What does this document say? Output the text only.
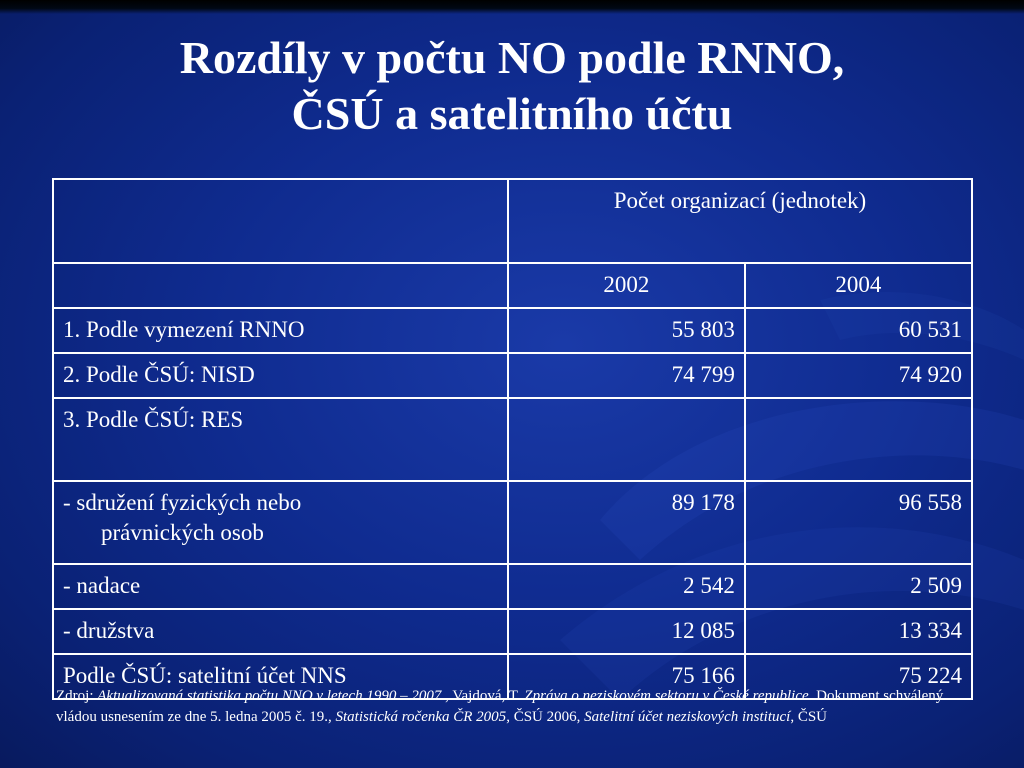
Rozdíly v počtu NO podle RNNO,
ČSÚ a satelitního účtu
	Počet organizací (jednotek)	
	2002	2004
1. Podle vymezení RNNO	55 803	60 531
2. Podle ČSÚ: NISD	74 799	74 920
3. Podle ČSÚ: RES		
- sdružení fyzických nebo
právnických osob	89 178	96 558
- nadace	2 542	2 509
- družstva	12 085	13 334
Podle ČSÚ: satelitní účet NNS	75 166	75 224
Zdroj: Aktualizovaná statistika počtu NNO v letech 1990 – 2007 , Vajdová, T. Zpráva o neziskovém sektoru v České republice. Dokument schválený vládou usnesením ze dne 5. ledna 2005 č. 19., Statistická ročenka ČR 2005, ČSÚ 2006, Satelitní účet neziskových institucí, ČSÚ
